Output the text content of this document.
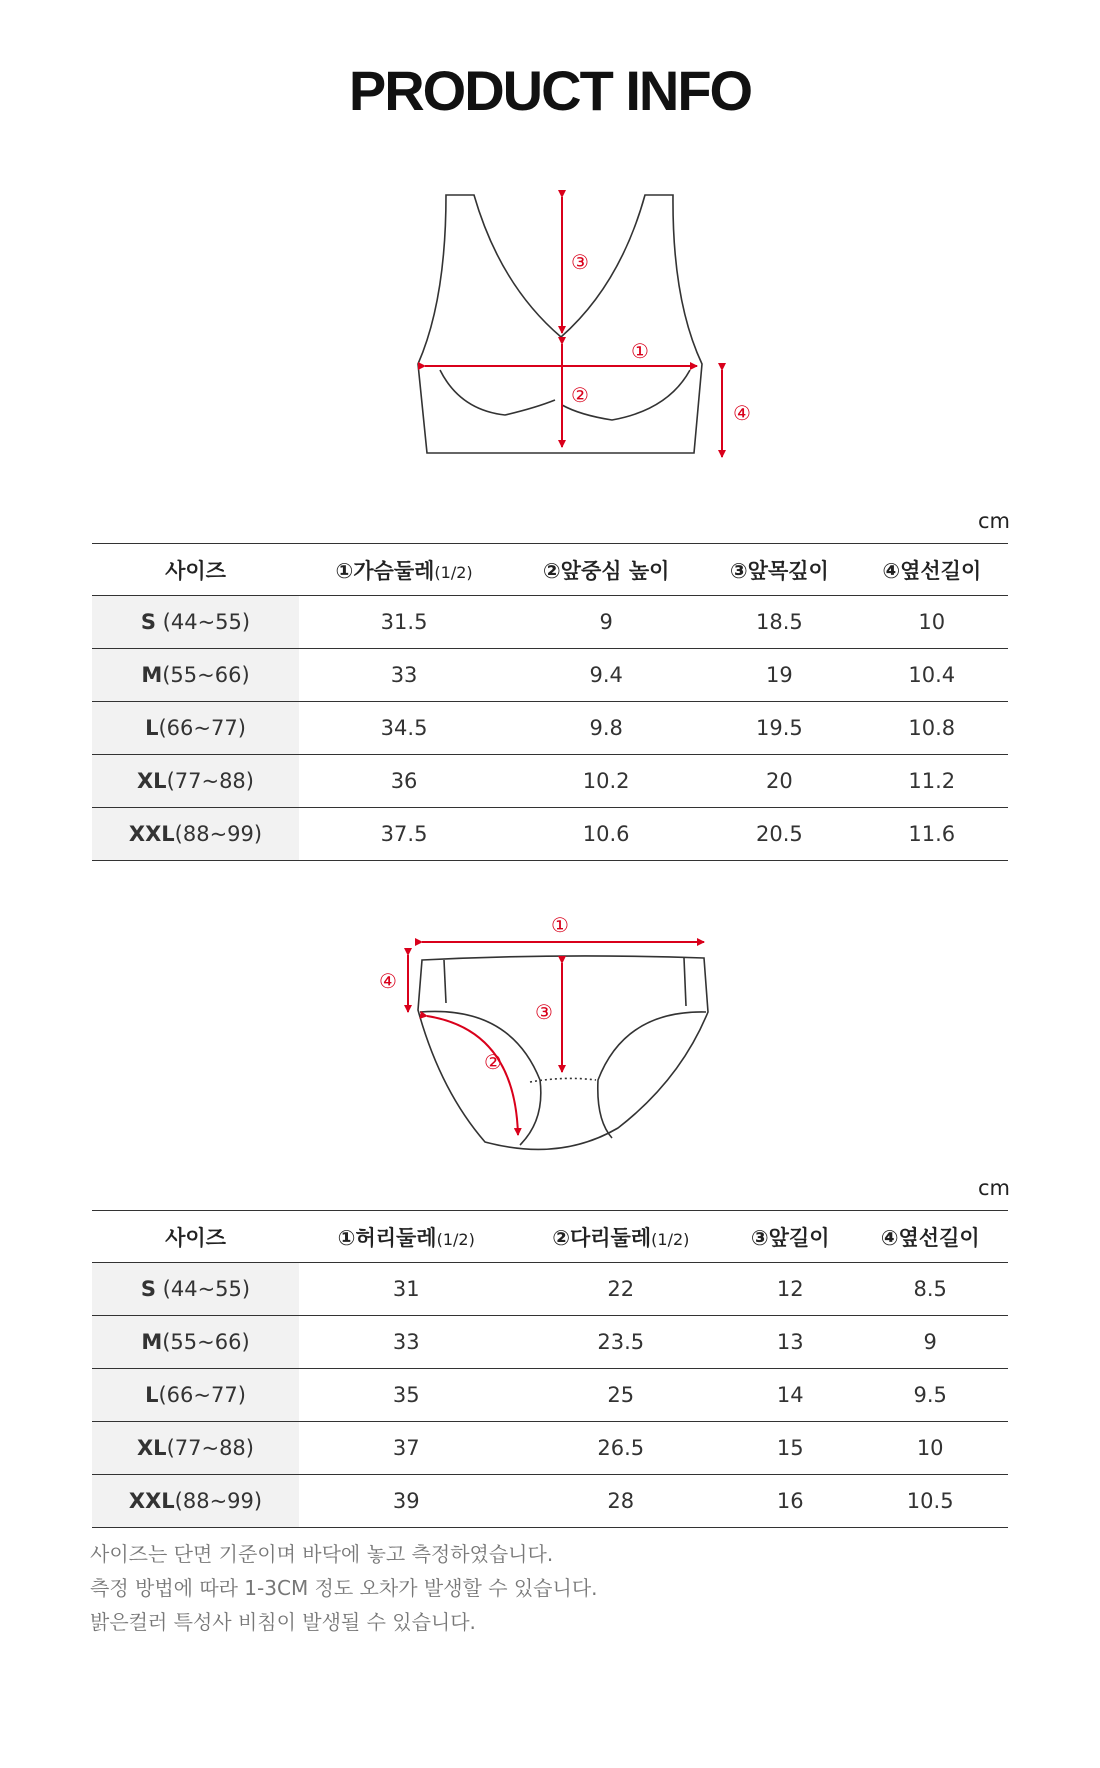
PRODUCT INFO
③
①
②
④
cm
사이즈	①가슴둘레(1/2)	②앞중심 높이	③앞목깊이	④옆선길이
S (44~55)	31.5	9	18.5	10
M(55~66)	33	9.4	19	10.4
L(66~77)	34.5	9.8	19.5	10.8
XL(77~88)	36	10.2	20	11.2
XXL(88~99)	37.5	10.6	20.5	11.6
①
④
③
②
cm
사이즈	①허리둘레(1/2)	②다리둘레(1/2)	③앞길이	④옆선길이
S (44~55)	31	22	12	8.5
M(55~66)	33	23.5	13	9
L(66~77)	35	25	14	9.5
XL(77~88)	37	26.5	15	10
XXL(88~99)	39	28	16	10.5
사이즈는 단면 기준이며 바닥에 놓고 측정하였습니다.
측정 방법에 따라 1-3CM 정도 오차가 발생할 수 있습니다.
밝은컬러 특성사 비침이 발생될 수 있습니다.
